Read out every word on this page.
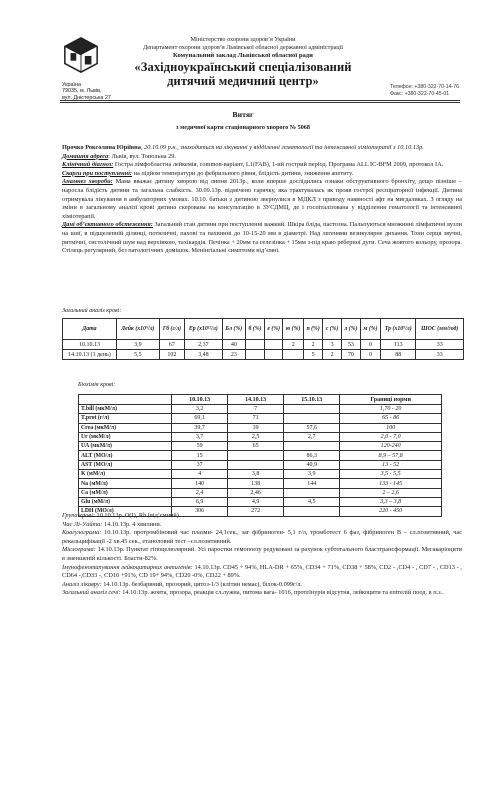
Міністерство охорони здоров’я України
Департамент охорони здоров’я Львівської обласної державної адміністрації
Комунальний заклад Львівської обласної ради
«Західноукраїнський спеціалізований
дитячий медичний центр»
Україна
79035, м. Львів,
вул. Дністерська 27
Телефон: +380-322-70-14-76
Факс: +380-322-70-45-01
Витяг
з медичної карти стаціонарного хворого № 5068
Прочко Роксоляна Юріївна, 20.10.09 р.н., знаходиться на лікуванні у відділенні гематології та інтенсивної хіміотерапії з 10.10.13р.
Домашня адреса: Львів, вул. Топольна 29.
Клінічний діагноз: Гостра лімфобластна лейкемія, common-варіант, L1(FAB), 1-ий гострий період. Програма ALL IC-BFM 2009, протокол ІА.
Скарги при поступленні: на підйом температури до фебрильного рівня, блідість дитини, зниження апетиту.
Анамнез хвороби: Мама вважає дитину хворою від липня 2013р., коли вперше дослідились ознаки обструктивного бронхіту, дещо пізніше – наросла блідість дитини та загальна слабкість. 30.09.13р. відмічено гарячку, яка трактувалась як прояв гострої респіраторної інфекції. Дитина отримувала лікування в амбулаторних умовах. 10.10. батьки з дитиною звернулися в МДКЛ з приводу наявності афт на мигдаликах. З огляду на зміни в загальному аналізі крові дитина скерована на консультацію в ЗУСДМЦ, де і госпіталізована у відділення гематології та інтенсивної хіміотерапії.
Дані об’єктивного обстеження: Загальний стан дитини при поступленні важкий. Шкіра бліда, пастозна. Пальпуються множинні лімфатичні вузли на шиї, в підщелепній ділянці, потиличні, пахові та пахвинні до 10-15-20 мм в діаметрі. Над легенями везикулярне дихання. Тони серця звучні, ритмічні, систолічний шум над верхівкою, тахікардія. Печінка + 20мм та селезінка + 15мм з-під краю реберної дуги. Сеча жовтого кольору, прозора. Стілець регулярний, без патологічних домішок. Менінгіальні симптоми від’ємні.
Загальний аналіз крові:
Дата	Лейк (х10⁹/л)	Гб (г/л)	Ер (х10¹²/л)	Бл (%)	б (%)	е (%)	ю (%)	п (%)	с (%)	л (%)	м (%)	Тр (х10⁹/л)	ШОС (мм/год)
10.10.13	3,9	67	2,37	40			2	2	3	53	0	113	33
14.10.13 (1 день)	5,5	102	3,48	23				5	2	70	0	88	33
Біохімія крові:
	10.10.13	14.10.13	15.10.13	Границі норми
T.bill (мкМ/л)	3,2	7		1,70 - 20
T.prot (г/л)	69,1	71		65 - 86
Crea (мкМ/л)	39,7	39	57,6	100
Ur (мкМ/л)	3,7	2,5	2,7	2,0 - 7,0
UA (мкМ/л)	59	65		120-240
ALT (МО/л)	15		86,3	8,9 – 57,8
AST (МО/л)	37		40,9	13 - 52
K (мМ/л)	4	3,8	3,9	3,5 - 5,5
Na (мМ/л)	140	138	144	133 - 145
Ca (мМ/л)	2,4	2,46		2 – 2,6
Glu (мМ/л)	6,9	4,9	4,5	3,3 – 3,8
LDH (МО/л)	306	272		220 - 450
Група крові: 10.10.13р. О(І), Rh (від’ємний).
Час Лі-Уайта: 14.10.13р. 4 хвилини.
Коагулограма: 10.10.13р. протромбіновий час плазми- 24,1сек., заг фібриноген- 5,1 г/л, тромботест 6 фаз, фібриноген В – сл.позитивний, час рекальцифікації -2 хв.45 сек., етаноловий тест –сл.позитивний.
Мієлограма: 14.10.13р. Пунктат гіпоцелюлярний. Усі паростки гемопоезу редуковані за рахунок субтотального бластгрансформації. Мегакаріоцити в зменшеній кількості. Бласти-82%.
Імунофенотипування лейкоцитарних антигенів: 14.10.13р. CD45 + 94%, HLA-DR + 65%, CD34 + 71%, CD38 + 58%, CD2 - ,CD4 - , CD7 - , CD13 - , CD64 -,CD33 -, CD10 +91%, CD 19+ 94%, CD20 -0%, CD22 + 89%.
Аналіз лікавру: 14.10.13р. безбарвний, прозорий, цитоз-1/3 (клітин немає), білок-0.099г/л.
Загальний аналіз сечі: 14.10.13р. жовта, прозора, реакція сл.лужна, питома вага- 1016, протеїнурія відсутня, лейкоцити та епітелій поод. в п.з..
